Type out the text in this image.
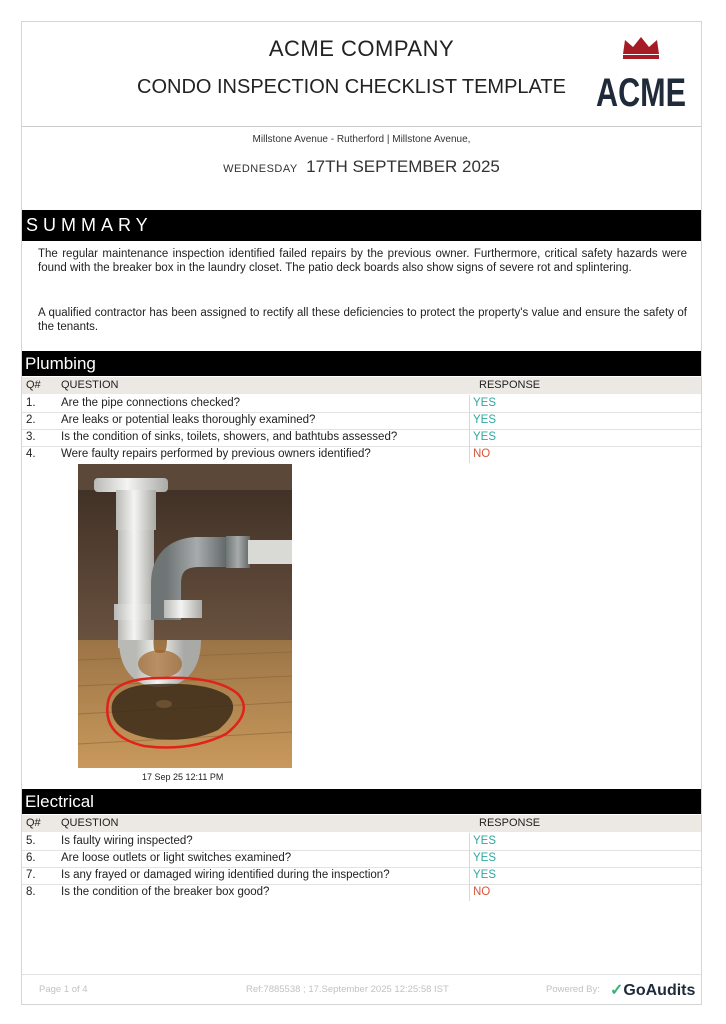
ACME COMPANY
CONDO INSPECTION CHECKLIST TEMPLATE ACME
Millstone Avenue - Rutherford | Millstone Avenue,
WEDNESDAY 17TH SEPTEMBER 2025
SUMMARY
The regular maintenance inspection identified failed repairs by the previous owner. Furthermore, critical safety hazards were found with the breaker box in the laundry closet. The patio deck boards also show signs of severe rot and splintering.
A qualified contractor has been assigned to rectify all these deficiencies to protect the property's value and ensure the safety of the tenants.
Plumbing
Q# QUESTION	RESPONSE
1. Are the pipe connections checked?	YES
2. Are leaks or potential leaks thoroughly examined?	YES
3. Is the condition of sinks, toilets, showers, and bathtubs assessed?	YES
4. Were faulty repairs performed by previous owners identified?	NO
17 Sep 25 12:11 PM
Electrical
Q# QUESTION	RESPONSE
5. Is faulty wiring inspected?	YES
6. Are loose outlets or light switches examined?	YES
7. Is any frayed or damaged wiring identified during the inspection?	YES
8. Is the condition of the breaker box good?	NO
Page 1 of 4	Ref:7885538 ; 17.September 2025 12:25:58 IST	Powered By: ✓GoAudits
